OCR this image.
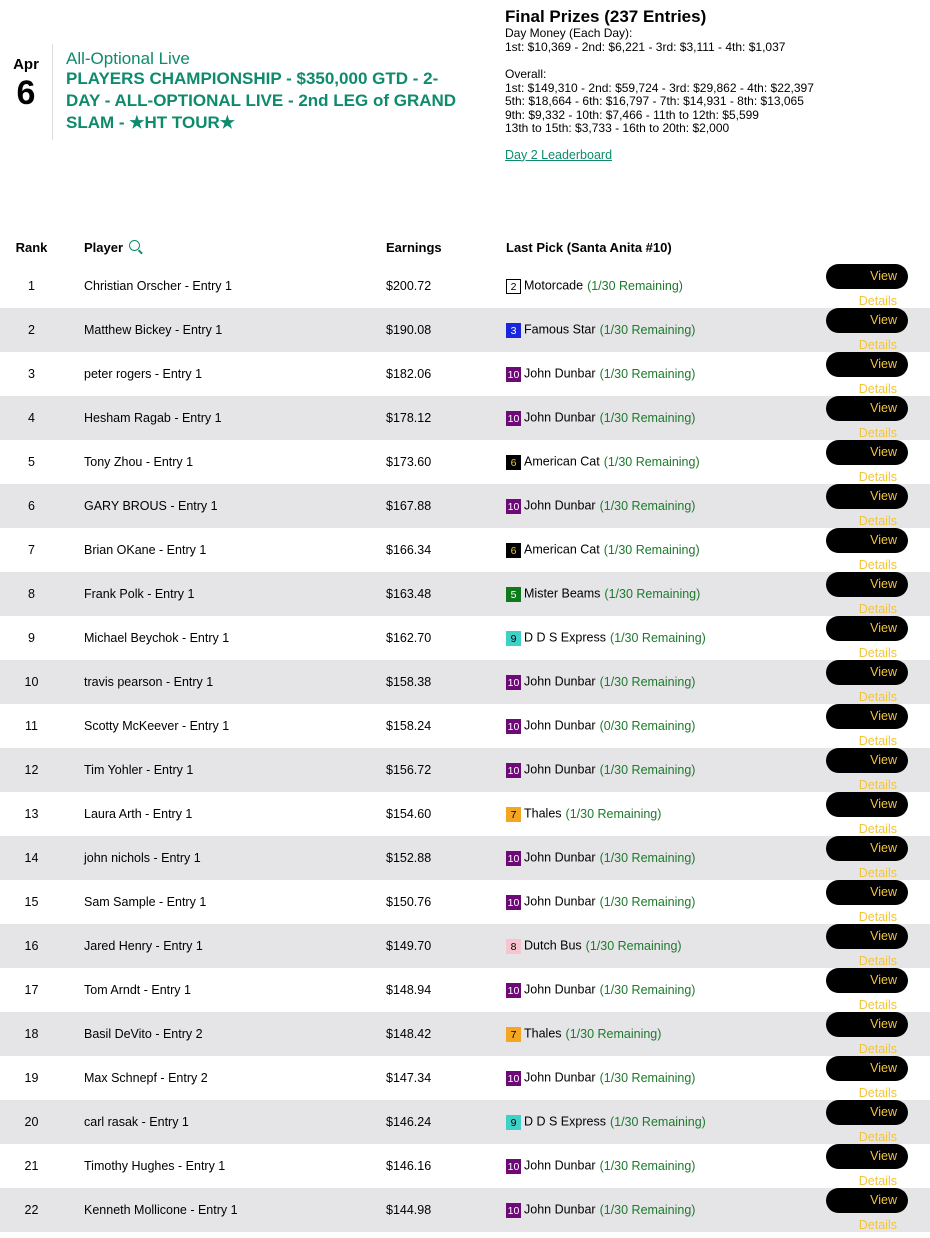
Apr
6
All-Optional Live
PLAYERS CHAMPIONSHIP - $350,000 GTD - 2-DAY - ALL-OPTIONAL LIVE - 2nd LEG of GRAND SLAM - ★HT TOUR★
Final Prizes (237 Entries)
Day Money (Each Day):
1st: $10,369 - 2nd: $6,221 - 3rd: $3,111 - 4th: $1,037
Overall:
1st: $149,310 - 2nd: $59,724 - 3rd: $29,862 - 4th: $22,397
5th: $18,664 - 6th: $16,797 - 7th: $14,931 - 8th: $13,065
9th: $9,332 - 10th: $7,466 - 11th to 12th: $5,599
13th to 15th: $3,733 - 16th to 20th: $2,000
Day 2 Leaderboard
Rank	Player	Earnings	Last Pick (Santa Anita #10)	
1	Christian Orscher - Entry 1	$200.72	2 Motorcade (1/30 Remaining)	View Details
2	Matthew Bickey - Entry 1	$190.08	3 Famous Star (1/30 Remaining)	View Details
3	peter rogers - Entry 1	$182.06	10 John Dunbar (1/30 Remaining)	View Details
4	Hesham Ragab - Entry 1	$178.12	10 John Dunbar (1/30 Remaining)	View Details
5	Tony Zhou - Entry 1	$173.60	6 American Cat (1/30 Remaining)	View Details
6	GARY BROUS - Entry 1	$167.88	10 John Dunbar (1/30 Remaining)	View Details
7	Brian OKane - Entry 1	$166.34	6 American Cat (1/30 Remaining)	View Details
8	Frank Polk - Entry 1	$163.48	5 Mister Beams (1/30 Remaining)	View Details
9	Michael Beychok - Entry 1	$162.70	9 D D S Express (1/30 Remaining)	View Details
10	travis pearson - Entry 1	$158.38	10 John Dunbar (1/30 Remaining)	View Details
11	Scotty McKeever - Entry 1	$158.24	10 John Dunbar (0/30 Remaining)	View Details
12	Tim Yohler - Entry 1	$156.72	10 John Dunbar (1/30 Remaining)	View Details
13	Laura Arth - Entry 1	$154.60	7 Thales (1/30 Remaining)	View Details
14	john nichols - Entry 1	$152.88	10 John Dunbar (1/30 Remaining)	View Details
15	Sam Sample - Entry 1	$150.76	10 John Dunbar (1/30 Remaining)	View Details
16	Jared Henry - Entry 1	$149.70	8 Dutch Bus (1/30 Remaining)	View Details
17	Tom Arndt - Entry 1	$148.94	10 John Dunbar (1/30 Remaining)	View Details
18	Basil DeVito - Entry 2	$148.42	7 Thales (1/30 Remaining)	View Details
19	Max Schnepf - Entry 2	$147.34	10 John Dunbar (1/30 Remaining)	View Details
20	carl rasak - Entry 1	$146.24	9 D D S Express (1/30 Remaining)	View Details
21	Timothy Hughes - Entry 1	$146.16	10 John Dunbar (1/30 Remaining)	View Details
22	Kenneth Mollicone - Entry 1	$144.98	10 John Dunbar (1/30 Remaining)	View Details
